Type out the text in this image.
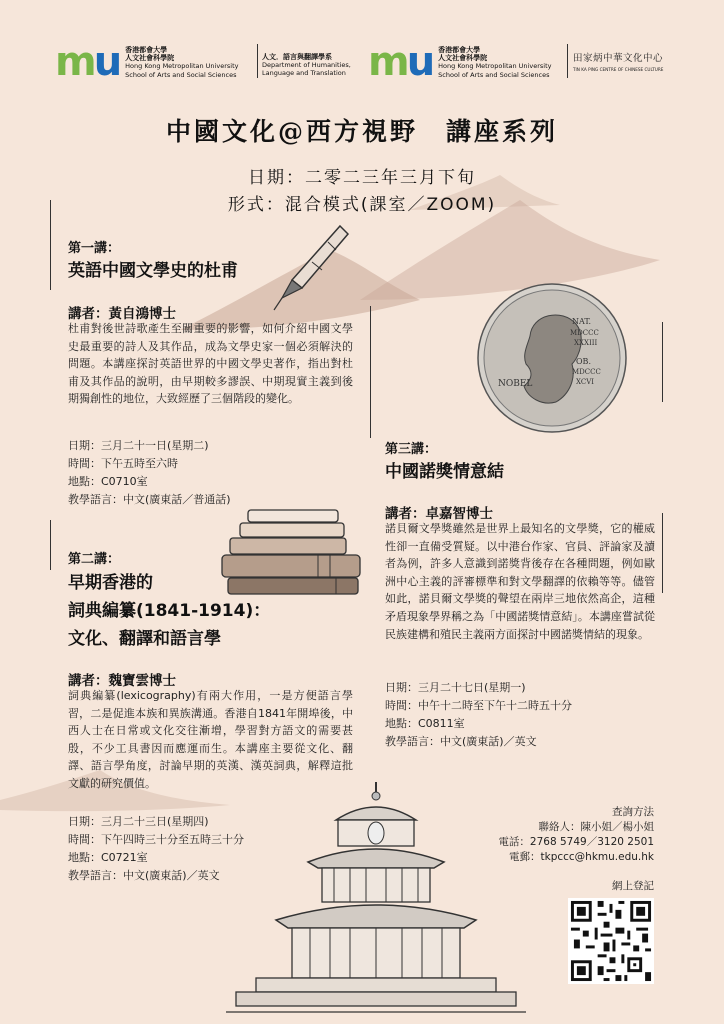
mu 香港都會大學
人文社會科學院
Hong Kong Metropolitan University
School of Arts and Social Sciences
人文．語言與翻譯學系
Department of Humanities,
Language and Translation mu 香港都會大學
人文社會科學院
Hong Kong Metropolitan University
School of Arts and Social Sciences
田家炳中華文化中心
TIN KA PING CENTRE OF CHINESE CULTURE
中國文化@西方視野　講座系列
日期：二零二三年三月下旬
形式：混合模式(課室／ZOOM)
第一講：
英語中國文學史的杜甫
講者：黃自鴻博士
杜甫對後世詩歌產生至關重要的影響，如何介紹中國文學史最重要的詩人及其作品，成為文學史家一個必須解決的問題。本講座探討英語世界的中國文學史著作，指出對杜甫及其作品的說明，由早期較多謬誤、中期現實主義到後期獨創性的地位，大致經歷了三個階段的變化。
日期：三月二十一日(星期二)
時間：下午五時至六時
地點：C0710室
教學語言：中文(廣東話／普通話)
第二講：
早期香港的
詞典編纂(1841-1914)：
文化、翻譯和語言學
講者：魏寶雲博士
詞典編纂(lexicography)有兩大作用，一是方便語言學習，二是促進本族和異族溝通。香港自1841年開埠後，中西人士在日常或文化交往漸增，學習對方語文的需要甚殷，不少工具書因而應運而生。本講座主要從文化、翻譯、語言學角度，討論早期的英漢、漢英詞典，解釋這批文獻的研究價值。
日期：三月二十三日(星期四)
時間：下午四時三十分至五時三十分
地點：C0721室
教學語言：中文(廣東話)／英文
NAT.
MDCCC
XXXIII
OB.
MDCCC
XCVI
NOBEL
第三講：
中國諾獎情意結
講者：卓嘉智博士
諾貝爾文學獎雖然是世界上最知名的文學獎，它的權威性卻一直備受質疑。以中港台作家、官員、評論家及讀者為例，許多人意識到諾獎背後存在各種問題，例如歐洲中心主義的評審標準和對文學翻譯的依賴等等。儘管如此，諾貝爾文學獎的聲望在兩岸三地依然高企，這種矛盾現象學界稱之為「中國諾獎情意結」。本講座嘗試從民族建構和殖民主義兩方面探討中國諾獎情結的現象。
日期：三月二十七日(星期一)
時間：中午十二時至下午十二時五十分
地點：C0811室
教學語言：中文(廣東話)／英文
查詢方法
聯絡人：陳小姐／楊小姐
電話：2768 5749／3120 2501
電郵：tkpccc@hkmu.edu.hk
網上登記
